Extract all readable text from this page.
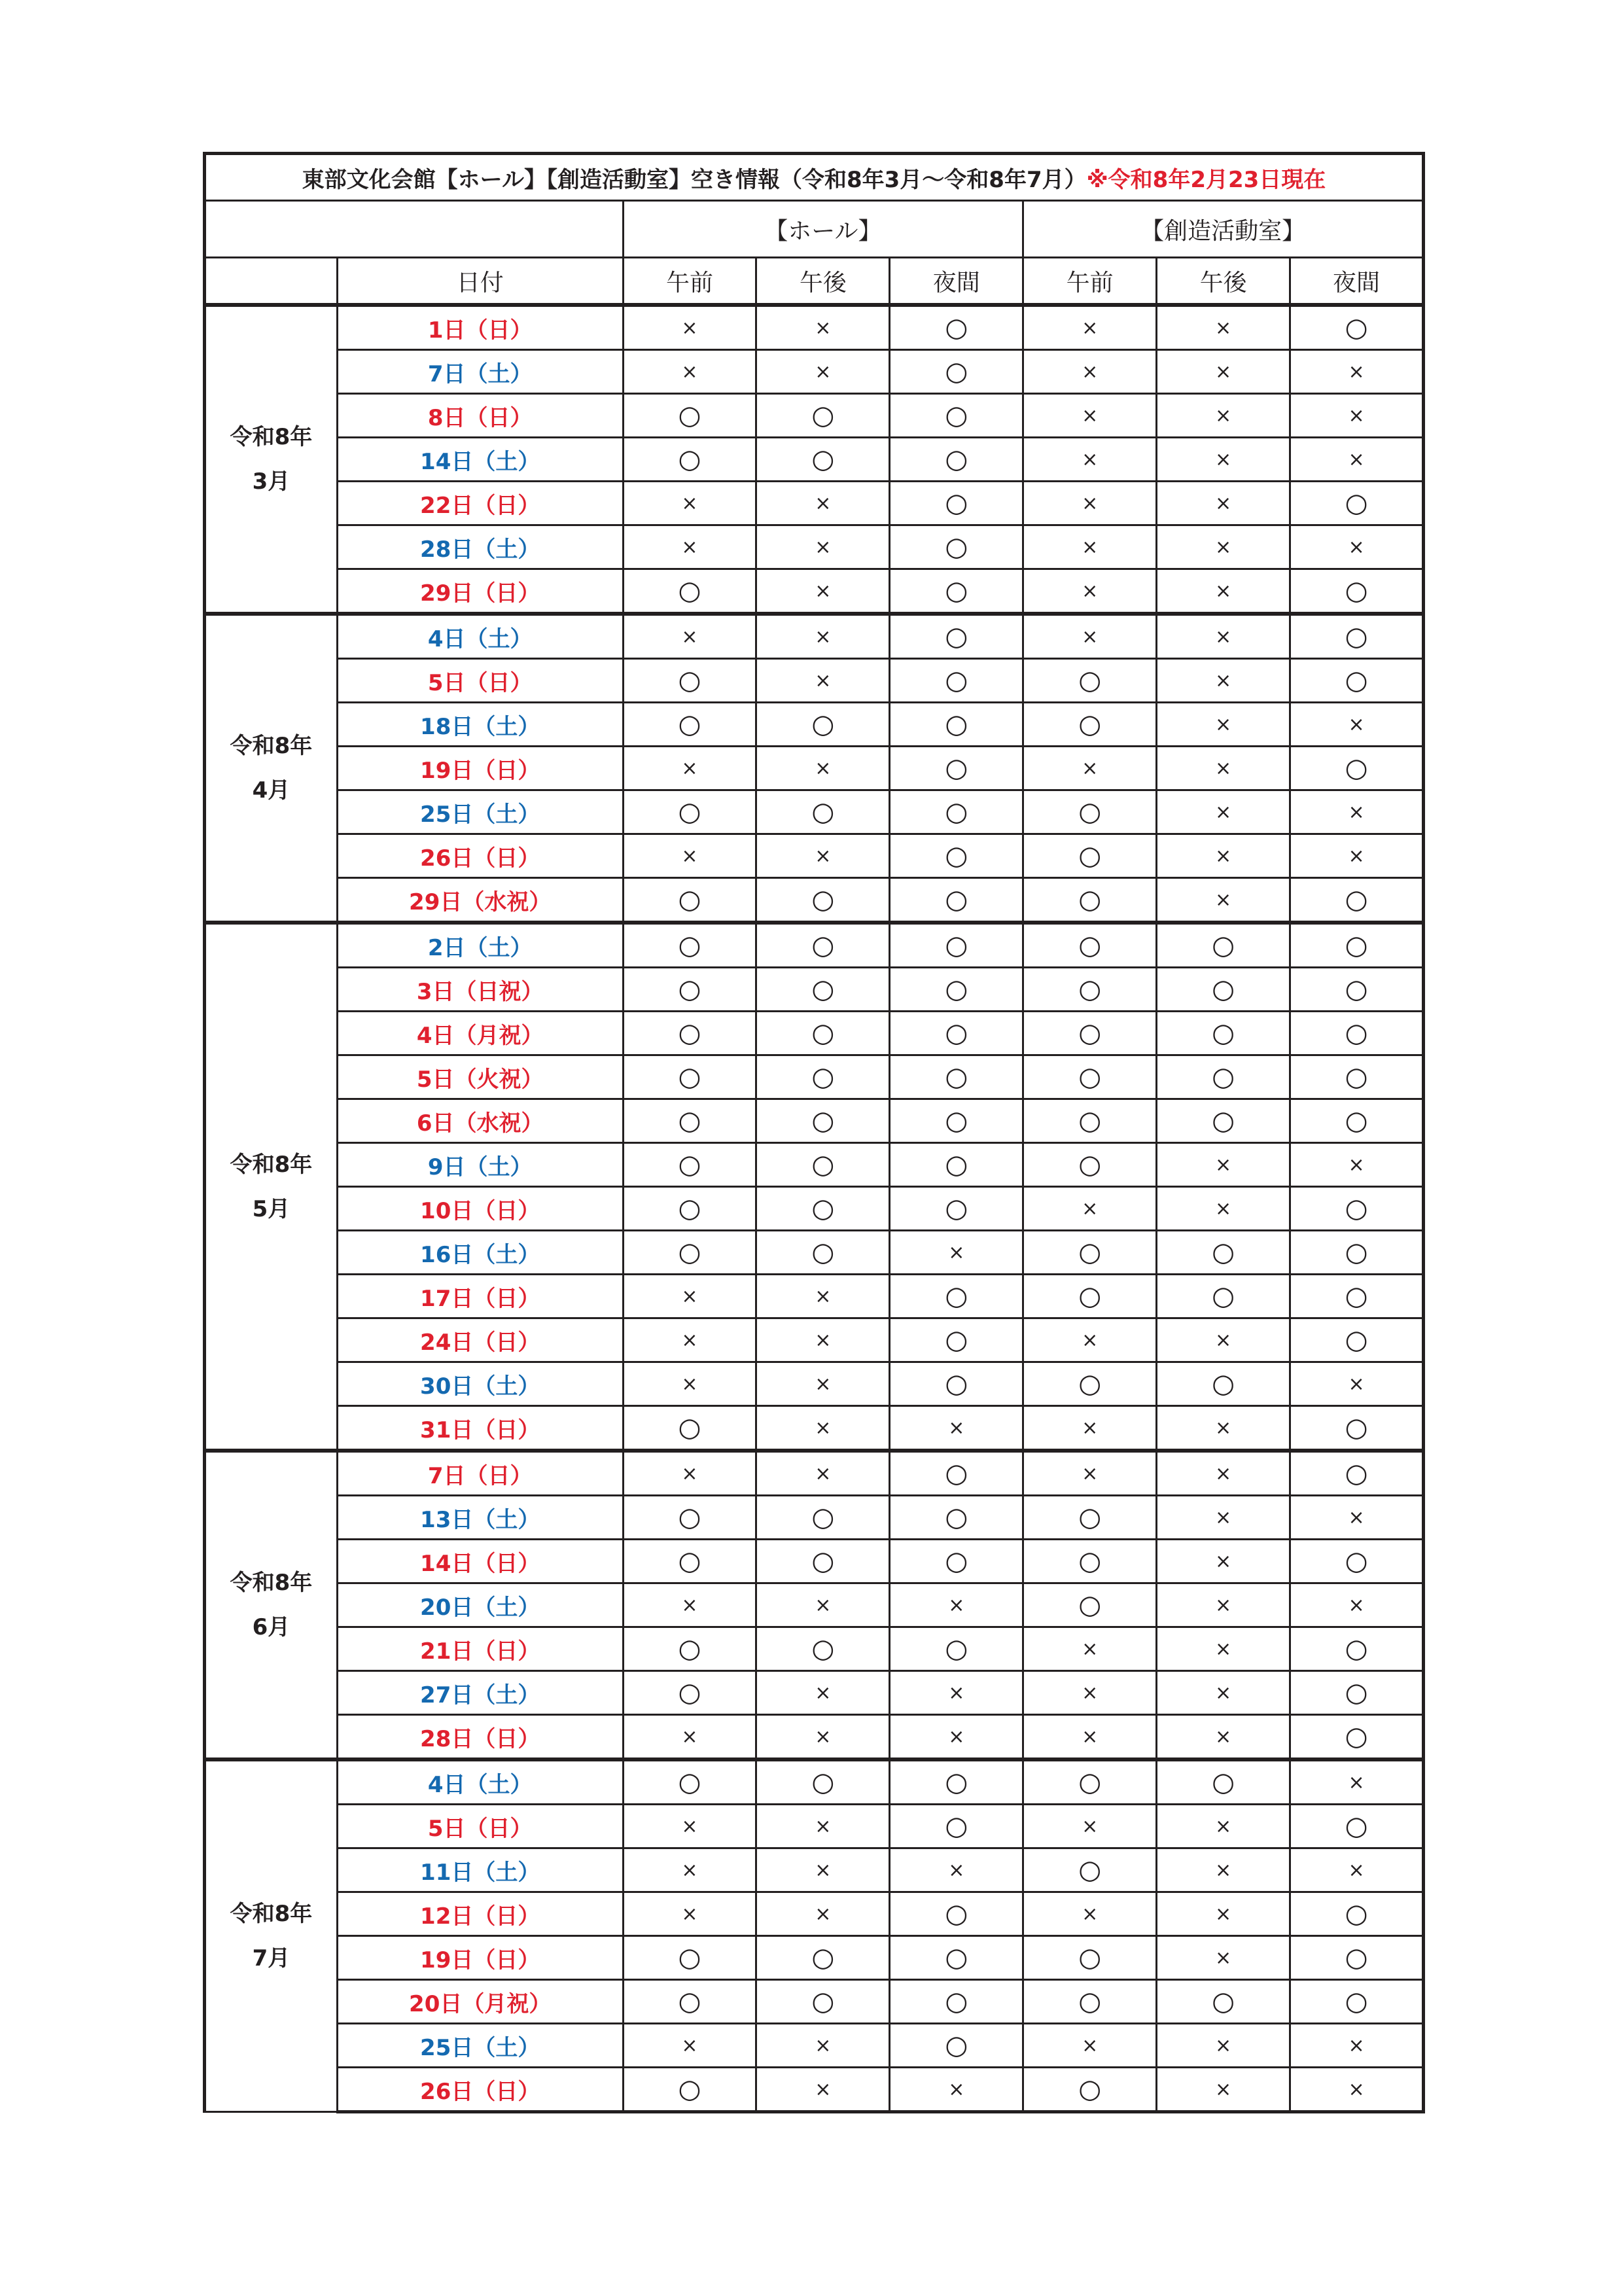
東部文化会館【ホール】【創造活動室】空き情報（令和8年3月～令和8年7月）※令和8年2月23日現在							
		【ホール】			【創造活動室】		
	日付	午前	午後	夜間	午前	午後	夜間

令和8年
3月	1日（日）	×	×	○	×	×	○
	7日（土）	×	×	○	×	×	×
	8日（日）	○	○	○	×	×	×
	14日（土）	○	○	○	×	×	×
	22日（日）	×	×	○	×	×	○
	28日（土）	×	×	○	×	×	×
	29日（日）	○	×	○	×	×	○

令和8年
4月	4日（土）	×	×	○	×	×	○
	5日（日）	○	×	○	○	×	○
	18日（土）	○	○	○	○	×	×
	19日（日）	×	×	○	×	×	○
	25日（土）	○	○	○	○	×	×
	26日（日）	×	×	○	○	×	×
	29日（水祝）	○	○	○	○	×	○

令和8年
5月	2日（土）	○	○	○	○	○	○
	3日（日祝）	○	○	○	○	○	○
	4日（月祝）	○	○	○	○	○	○
	5日（火祝）	○	○	○	○	○	○
	6日（水祝）	○	○	○	○	○	○
	9日（土）	○	○	○	○	×	×
	10日（日）	○	○	○	×	×	○
	16日（土）	○	○	×	○	○	○
	17日（日）	×	×	○	○	○	○
	24日（日）	×	×	○	×	×	○
	30日（土）	×	×	○	○	○	×
	31日（日）	○	×	×	×	×	○

令和8年
6月	7日（日）	×	×	○	×	×	○
	13日（土）	○	○	○	○	×	×
	14日（日）	○	○	○	○	×	○
	20日（土）	×	×	×	○	×	×
	21日（日）	○	○	○	×	×	○
	27日（土）	○	×	×	×	×	○
	28日（日）	×	×	×	×	×	○

令和8年
7月	4日（土）	○	○	○	○	○	×
	5日（日）	×	×	○	×	×	○
	11日（土）	×	×	×	○	×	×
	12日（日）	×	×	○	×	×	○
	19日（日）	○	○	○	○	×	○
	20日（月祝）	○	○	○	○	○	○
	25日（土）	×	×	○	×	×	×
	26日（日）	○	×	×	○	×	×
